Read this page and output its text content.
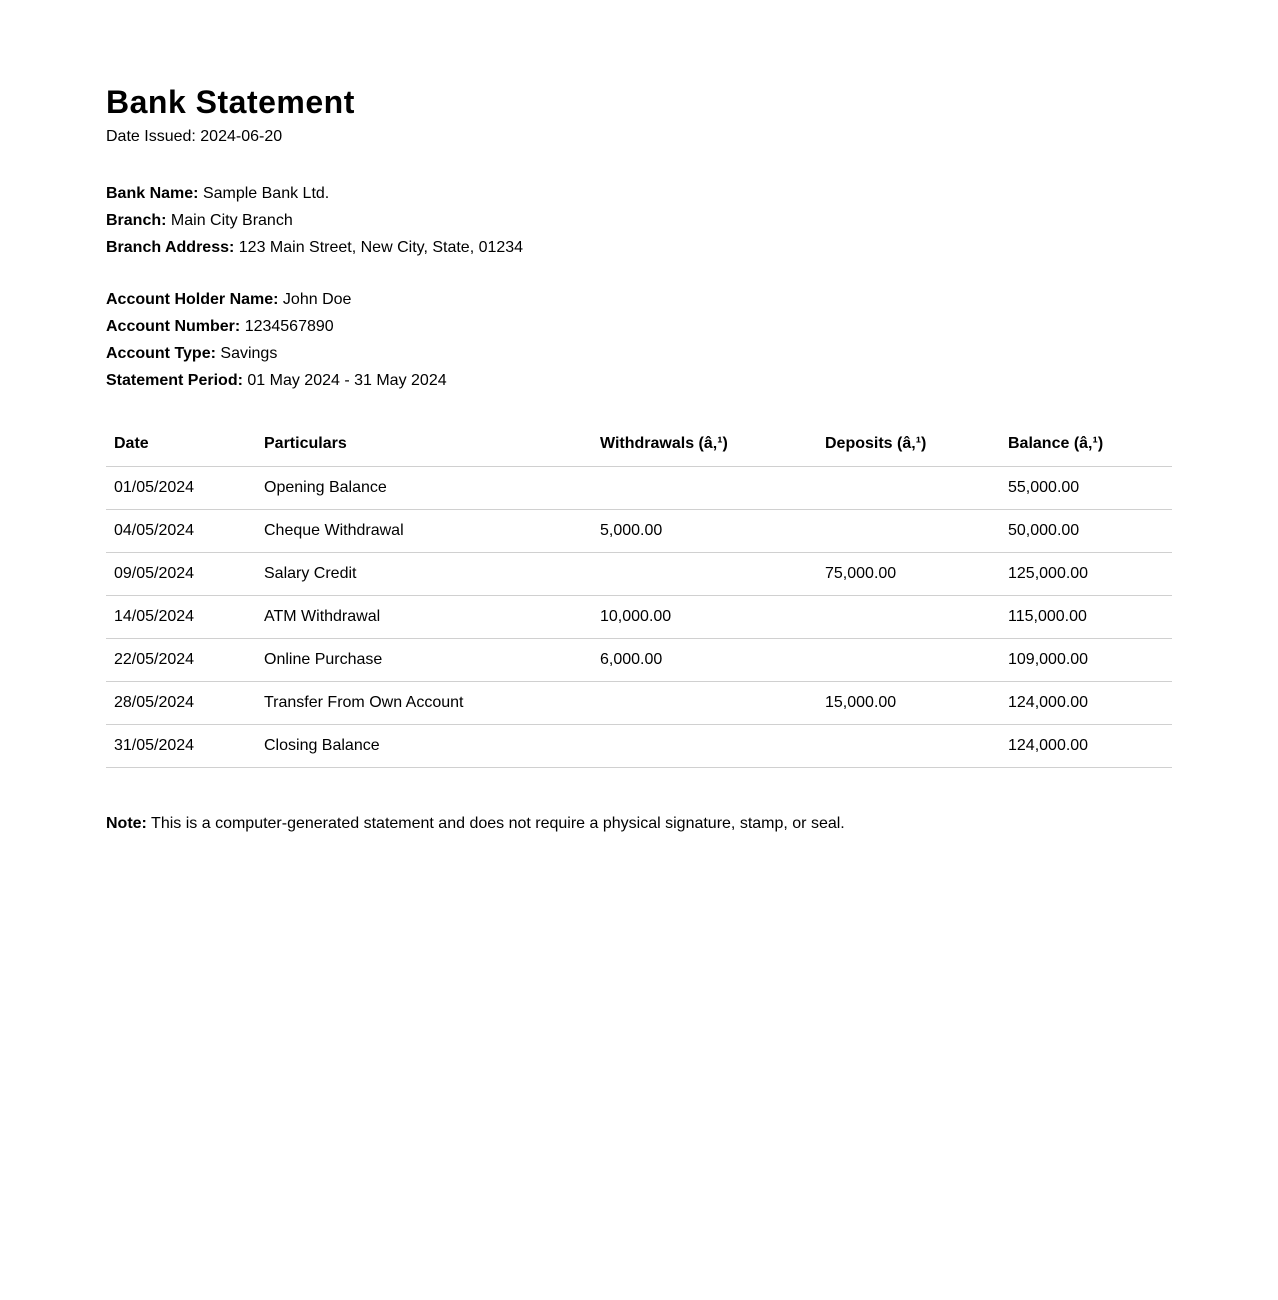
Bank Statement
Date Issued: 2024-06-20
Bank Name: Sample Bank Ltd.
Branch: Main City Branch
Branch Address: 123 Main Street, New City, State, 01234
Account Holder Name: John Doe
Account Number: 1234567890
Account Type: Savings
Statement Period: 01 May 2024 - 31 May 2024
Date	Particulars	Withdrawals (â‚¹)	Deposits (â‚¹)	Balance (â‚¹)
01/05/2024	Opening Balance			55,000.00
04/05/2024	Cheque Withdrawal	5,000.00		50,000.00
09/05/2024	Salary Credit		75,000.00	125,000.00
14/05/2024	ATM Withdrawal	10,000.00		115,000.00
22/05/2024	Online Purchase	6,000.00		109,000.00
28/05/2024	Transfer From Own Account		15,000.00	124,000.00
31/05/2024	Closing Balance			124,000.00
Note: This is a computer-generated statement and does not require a physical signature, stamp, or seal.
